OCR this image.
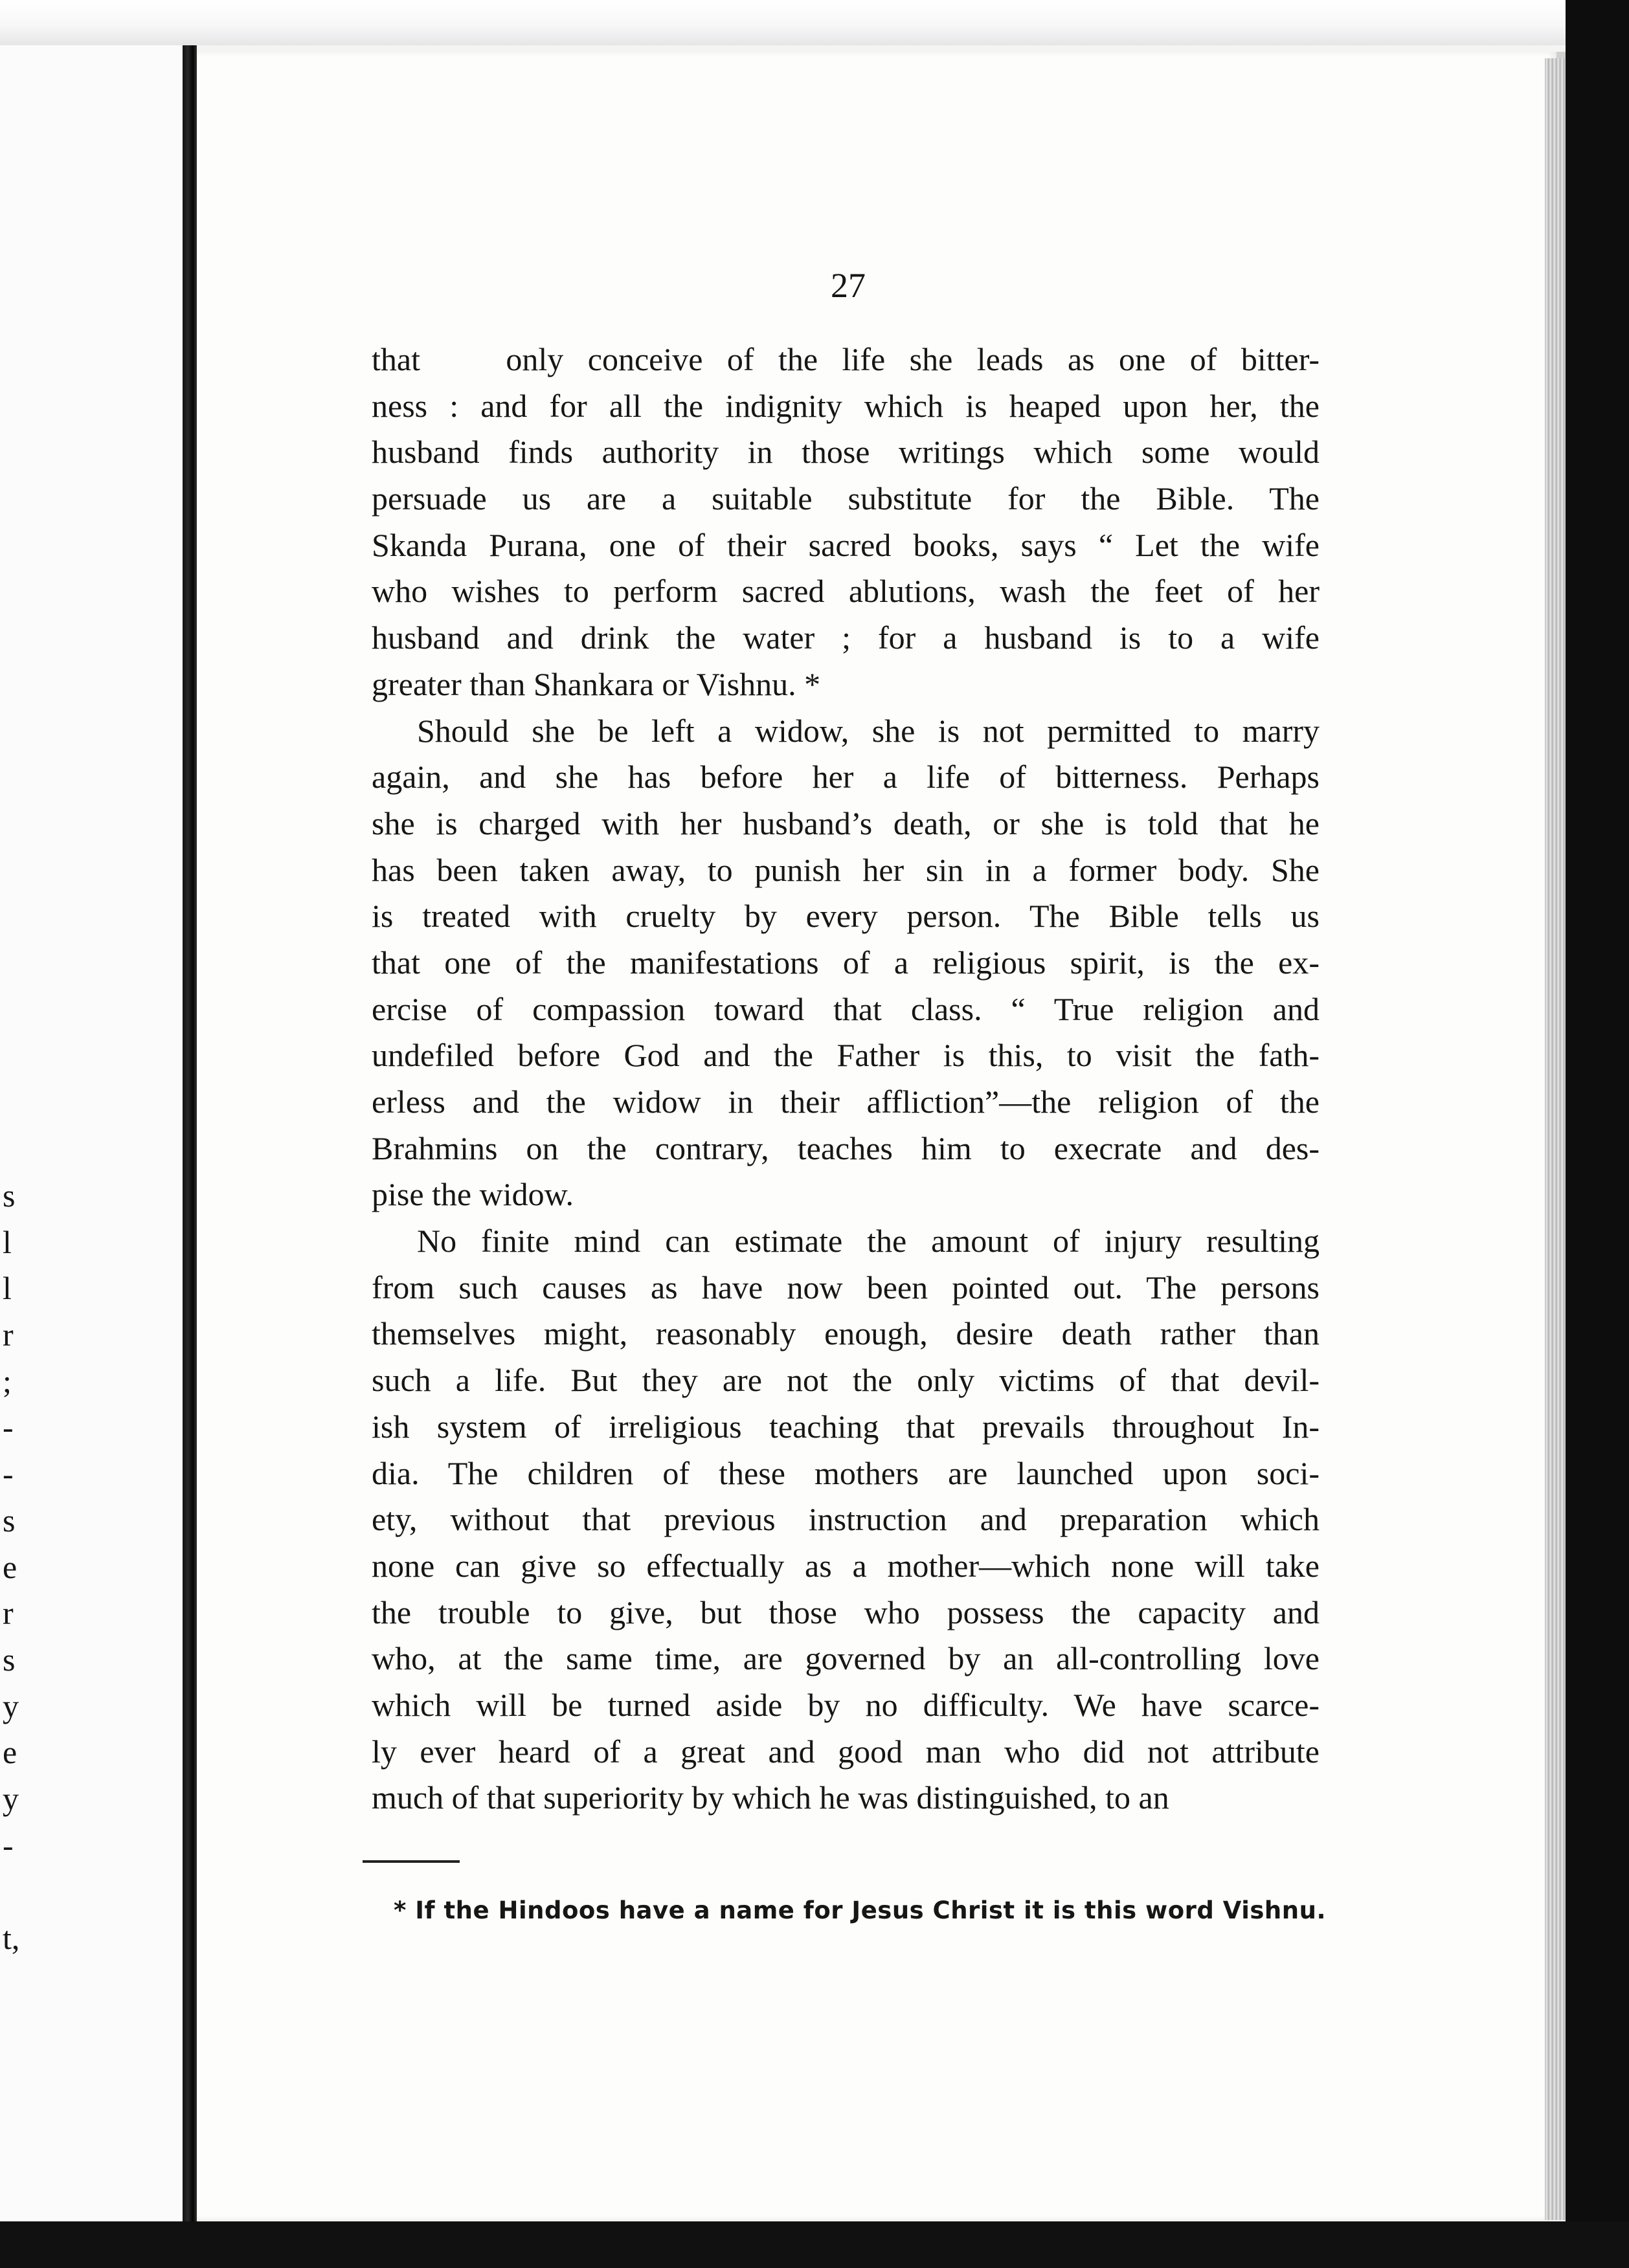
s
l
l
r
;
-
-
s
e
r
s
y
e
y
-
t,
27
that     only conceive of the life she leads as one of bitter-
ness : and for all the indignity which is heaped upon her, the
husband finds authority in those writings which some would
persuade us are a suitable substitute for the Bible. The
Skanda Purana, one of their sacred books, says “ Let the wife
who wishes to perform sacred ablutions, wash the feet of her
husband and drink the water ; for a husband is to a wife
greater than Shankara or Vishnu. *
Should she be left a widow, she is not permitted to marry
again, and she has before her a life of bitterness. Perhaps
she is charged with her husband’s death, or she is told that he
has been taken away, to punish her sin in a former body. She
is treated with cruelty by every person. The Bible tells us
that one of the manifestations of a religious spirit, is the ex-
ercise of compassion toward that class. “ True religion and
undefiled before God and the Father is this, to visit the fath-
erless and the widow in their affliction”—the religion of the
Brahmins on the contrary, teaches him to execrate and des-
pise the widow.
No finite mind can estimate the amount of injury resulting
from such causes as have now been pointed out. The persons
themselves might, reasonably enough, desire death rather than
such a life. But they are not the only victims of that devil-
ish system of irreligious teaching that prevails throughout In-
dia. The children of these mothers are launched upon soci-
ety, without that previous instruction and preparation which
none can give so effectually as a mother—which none will take
the trouble to give, but those who possess the capacity and
who, at the same time, are governed by an all-controlling love
which will be turned aside by no difficulty. We have scarce-
ly ever heard of a great and good man who did not attribute
much of that superiority by which he was distinguished, to an
* If the Hindoos have a name for Jesus Christ it is this word Vishnu.
